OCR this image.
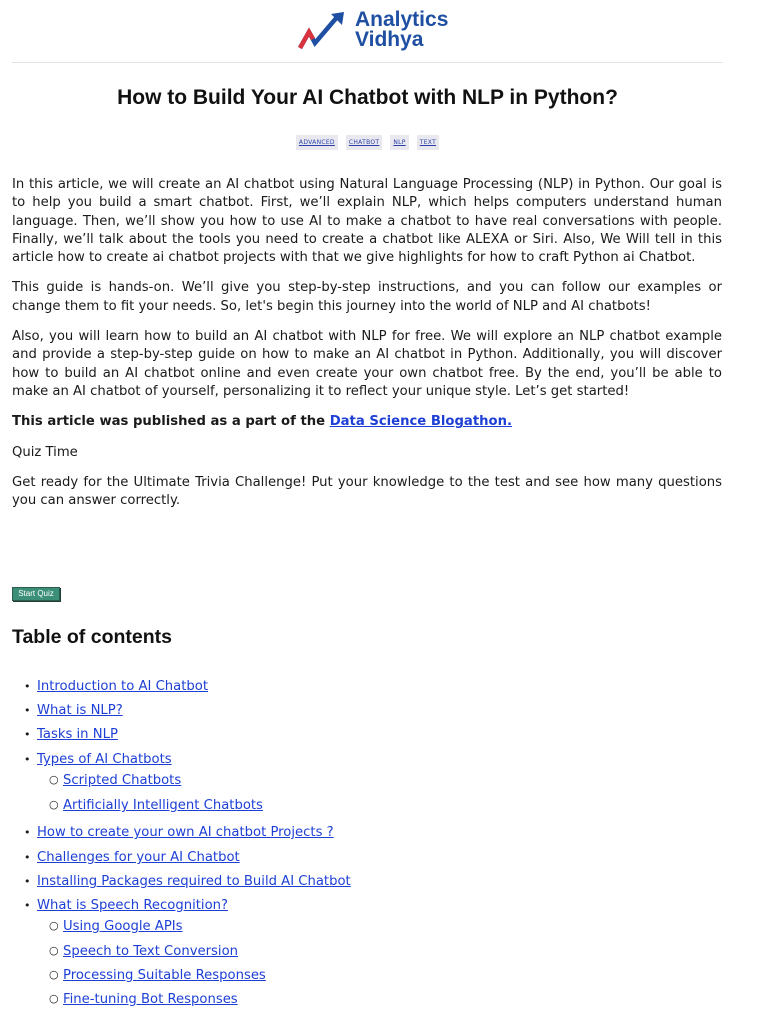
Analytics
Vidhya
How to Build Your AI Chatbot with NLP in Python?
ADVANCED CHATBOT NLP TEXT

In this article, we will create an AI chatbot using Natural Language Processing (NLP) in Python. Our goal is to help you build a smart chatbot. First, we’ll explain NLP, which helps computers understand human language. Then, we’ll show you how to use AI to make a chatbot to have real conversations with people. Finally, we’ll talk about the tools you need to create a chatbot like ALEXA or Siri. Also, We Will tell in this article how to create ai chatbot projects with that we give highlights for how to craft Python ai Chatbot.

This guide is hands-on. We’ll give you step-by-step instructions, and you can follow our examples or change them to fit your needs. So, let's begin this journey into the world of NLP and AI chatbots!

Also, you will learn how to build an AI chatbot with NLP for free. We will explore an NLP chatbot example and provide a step-by-step guide on how to make an AI chatbot in Python. Additionally, you will discover how to build an AI chatbot online and even create your own chatbot free. By the end, you’ll be able to make an AI chatbot of yourself, personalizing it to reflect your unique style. Let’s get started!

This article was published as a part of the Data Science Blogathon.

Quiz Time

Get ready for the Ultimate Trivia Challenge! Put your knowledge to the test and see how many questions you can answer correctly.

Start Quiz
Table of contents
• Introduction to AI Chatbot
• What is NLP?
• Tasks in NLP
• Types of AI Chatbots
○ Scripted Chatbots
○ Artificially Intelligent Chatbots
• How to create your own AI chatbot Projects ?
• Challenges for your AI Chatbot
• Installing Packages required to Build AI Chatbot
• What is Speech Recognition?
○ Using Google APIs
○ Speech to Text Conversion
○ Processing Suitable Responses
○ Fine-tuning Bot Responses
